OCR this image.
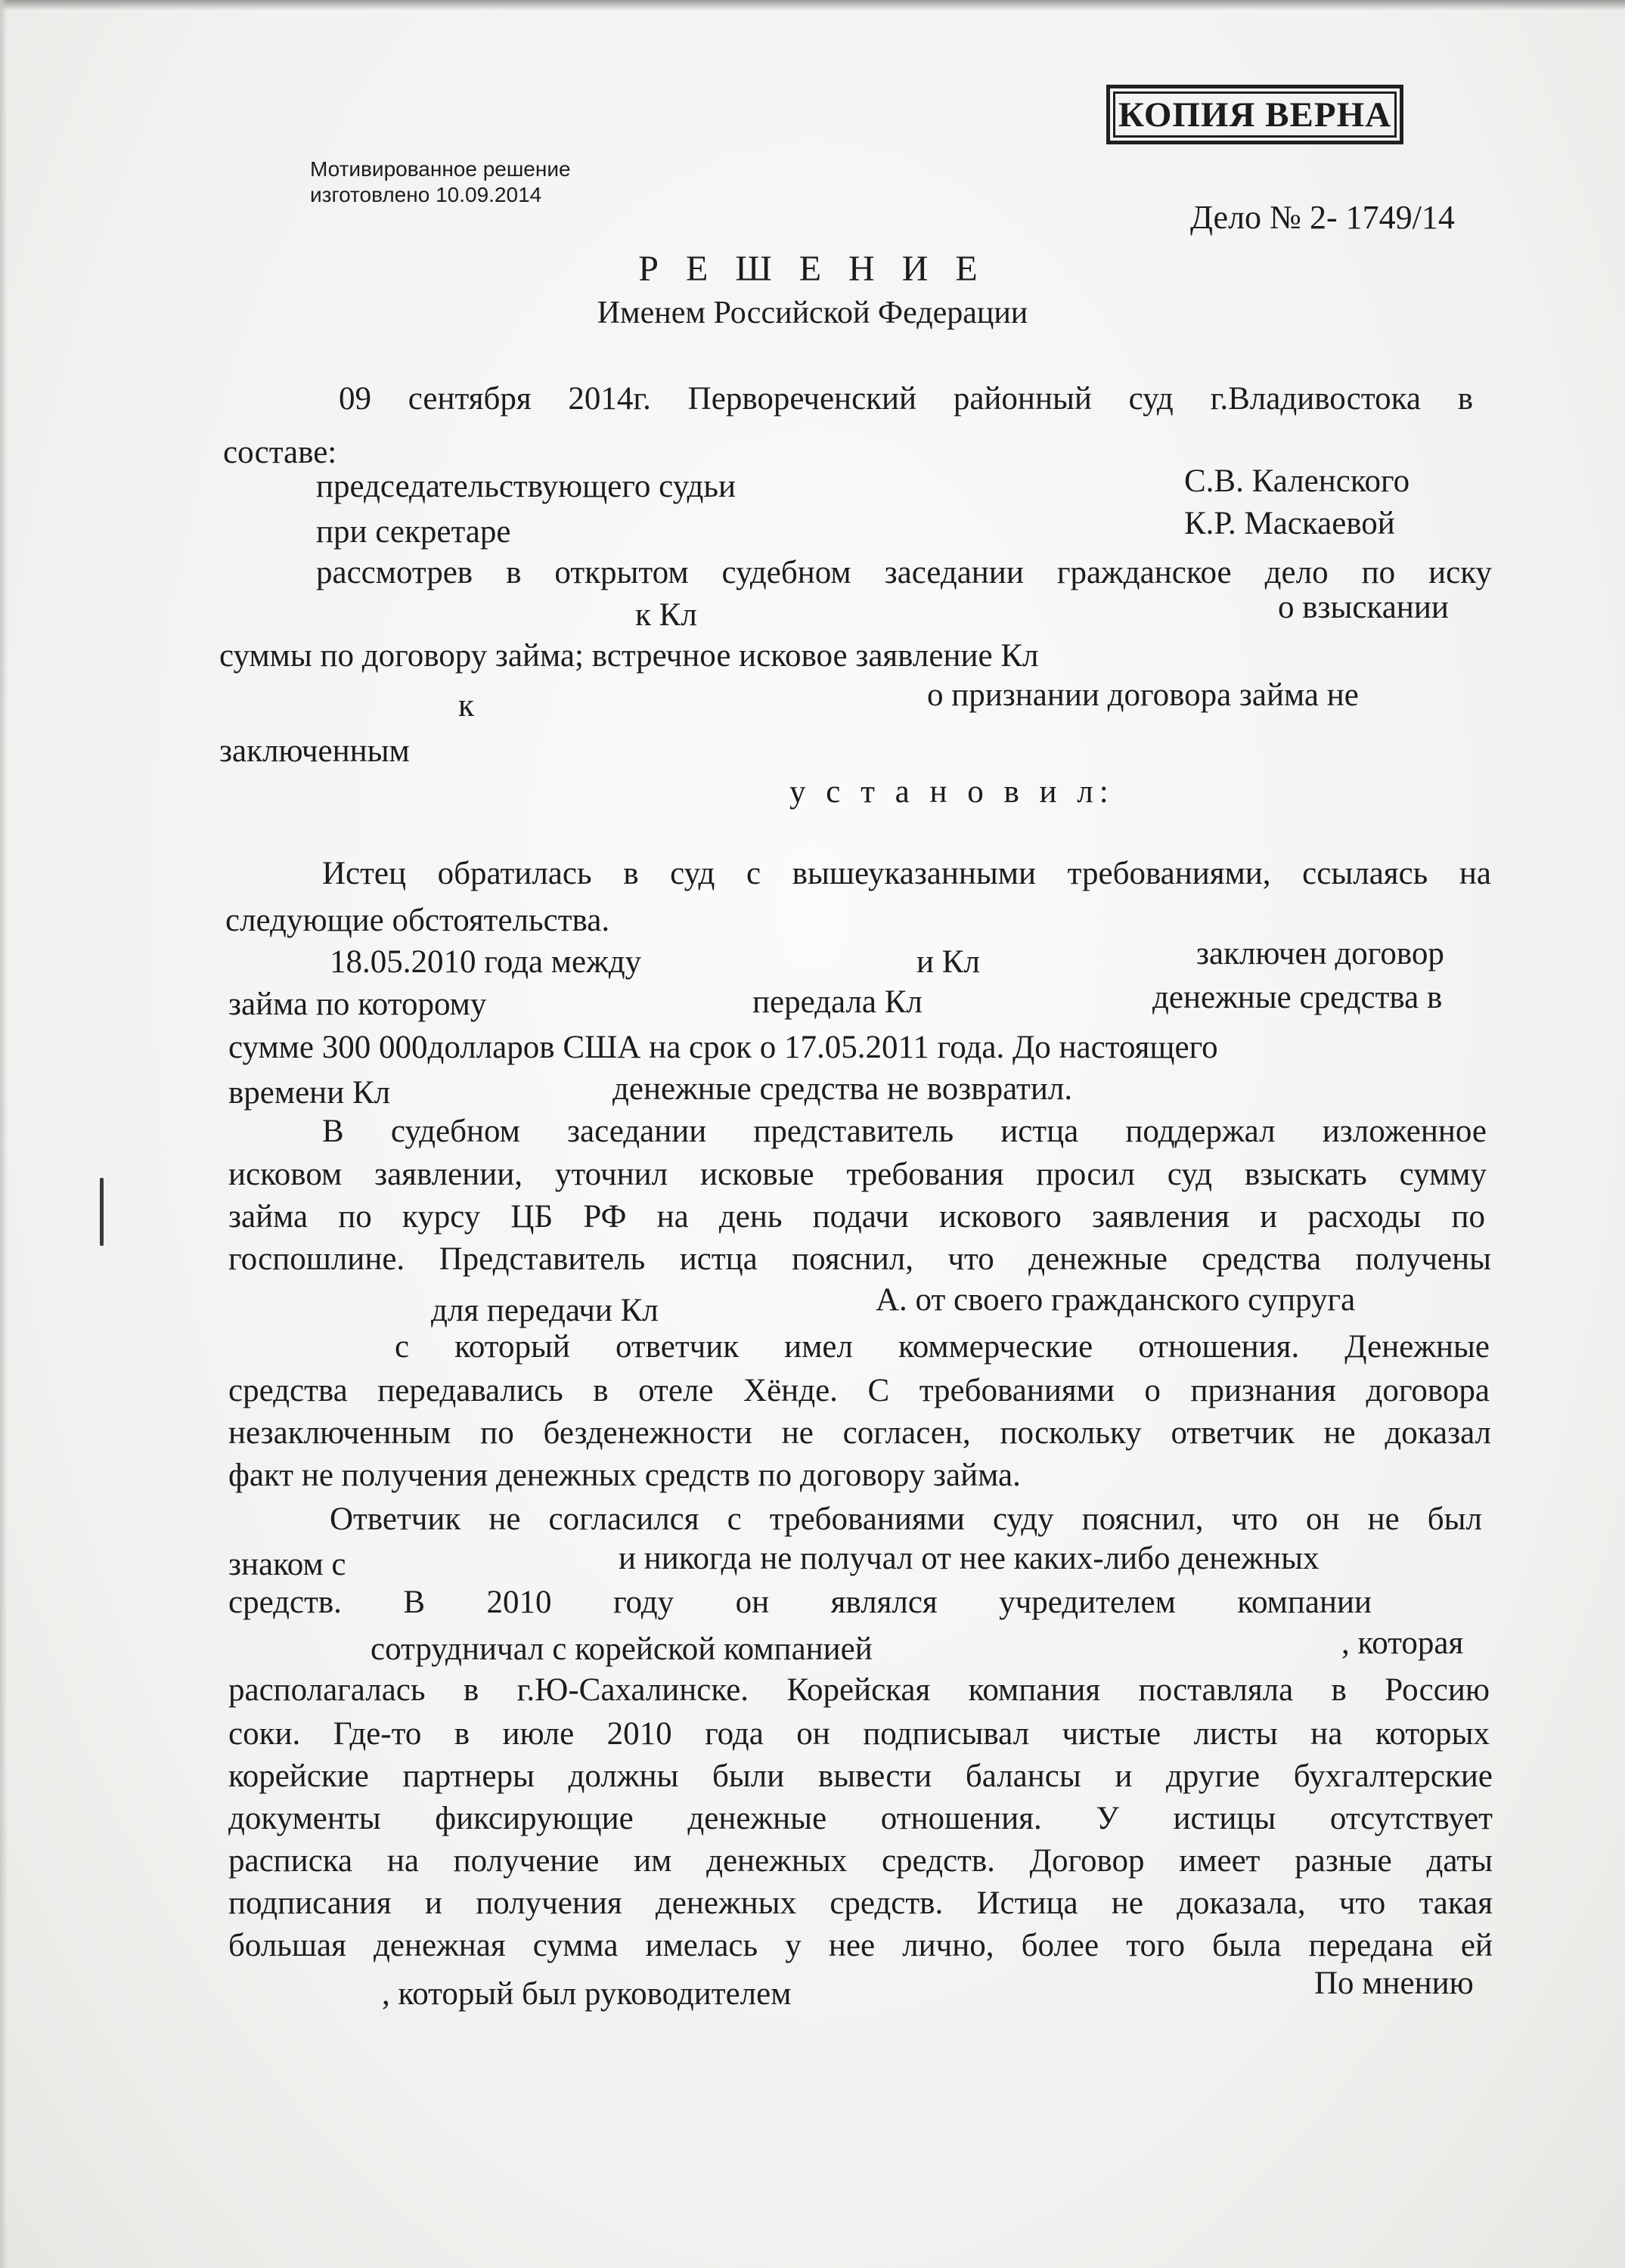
КОПИЯ ВЕРНА
Мотивированное решение
изготовлено 10.09.2014
Дело № 2- 1749/14
Р Е Ш Е Н И Е
Именем Российской Федерации
09 сентября 2014г. Первореченский районный суд г.Владивостока в
составе:
председательствующего судьи	С.В. Каленского
при секретаре	К.Р. Маскаевой
рассмотрев в открытом судебном заседании гражданское дело по иску
к Кл	о взыскании
суммы по договору займа; встречное исковое заявление Кл
к	о признании договора займа не
заключенным
у с т а н о в и л:
Истец обратилась в суд с вышеуказанными требованиями, ссылаясь на
следующие обстоятельства.
18.05.2010 года между	и Кл	заключен договор
займа по которому	передала Кл	денежные средства в
сумме 300 000долларов США на срок о 17.05.2011 года. До настоящего
времени Кл	денежные средства не возвратил.
В судебном заседании представитель истца поддержал изложенное
исковом заявлении, уточнил исковые требования просил суд взыскать сумму
займа по курсу ЦБ РФ на день подачи искового заявления и расходы по
госпошлине. Представитель истца пояснил, что денежные средства получены
для передачи Кл	А. от своего гражданского супруга
с который ответчик имел коммерческие отношения. Денежные
средства передавались в отеле Хёнде. С требованиями о признания договора
незаключенным по безденежности не согласен, поскольку ответчик не доказал
факт не получения денежных средств по договору займа.
Ответчик не согласился с требованиями суду пояснил, что он не был
знаком с	и никогда не получал от нее каких-либо денежных
средств. В 2010 году он являлся учредителем компании
сотрудничал с корейской компанией	, которая
располагалась в г.Ю-Сахалинске. Корейская компания поставляла в Россию
соки. Где-то в июле 2010 года он подписывал чистые листы на которых
корейские партнеры должны были вывести балансы и другие бухгалтерские
документы фиксирующие денежные отношения. У истицы отсутствует
расписка на получение им денежных средств. Договор имеет разные даты
подписания и получения денежных средств. Истица не доказала, что такая
большая денежная сумма имелась у нее лично, более того была передана ей
, который был руководителем	По мнению
